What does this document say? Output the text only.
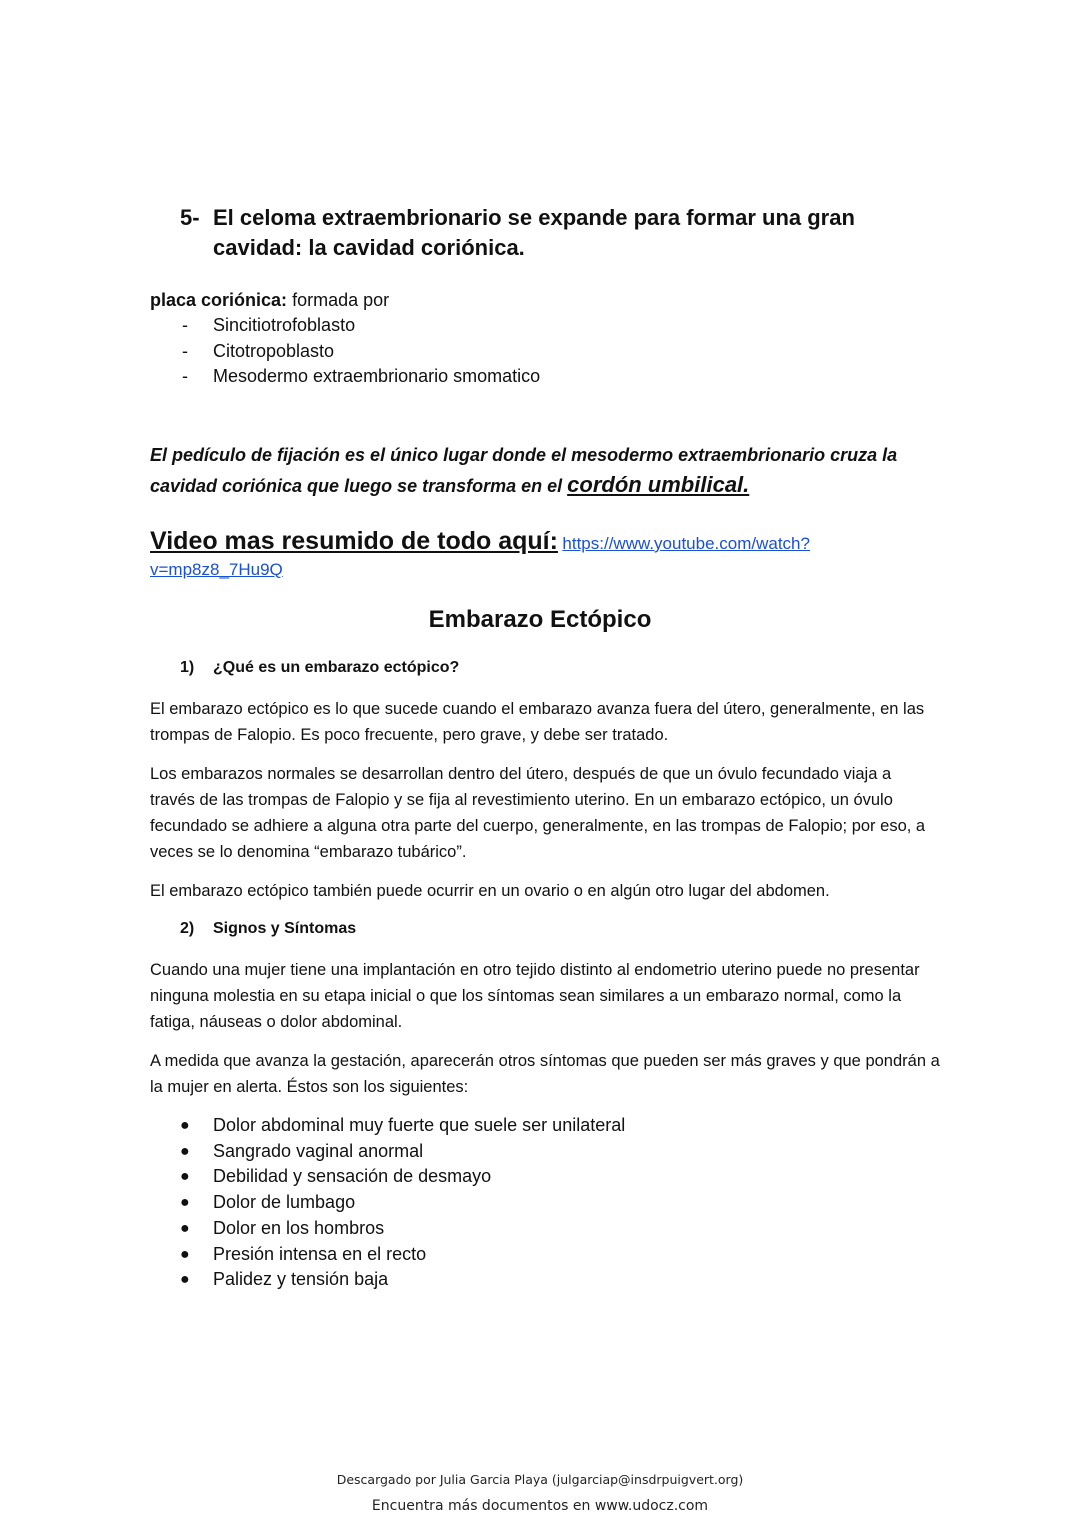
5- El celoma extraembrionario se expande para formar una gran cavidad: la cavidad coriónica.
placa coriónica: formada por
- Sincitiotrofoblasto
- Citotropoblasto
- Mesodermo extraembrionario smomatico
El pedículo de fijación es el único lugar donde el mesodermo extraembrionario cruza la cavidad coriónica que luego se transforma en el cordón umbilical.
Video mas resumido de todo aquí: https://www.youtube.com/watch?
v=mp8z8_7Hu9Q
Embarazo Ectópico
1) ¿Qué es un embarazo ectópico?
El embarazo ectópico es lo que sucede cuando el embarazo avanza fuera del útero, generalmente, en las trompas de Falopio. Es poco frecuente, pero grave, y debe ser tratado.
Los embarazos normales se desarrollan dentro del útero, después de que un óvulo fecundado viaja a través de las trompas de Falopio y se fija al revestimiento uterino. En un embarazo ectópico, un óvulo fecundado se adhiere a alguna otra parte del cuerpo, generalmente, en las trompas de Falopio; por eso, a veces se lo denomina “embarazo tubárico”.
El embarazo ectópico también puede ocurrir en un ovario o en algún otro lugar del abdomen.
2) Signos y Síntomas
Cuando una mujer tiene una implantación en otro tejido distinto al endometrio uterino puede no presentar ninguna molestia en su etapa inicial o que los síntomas sean similares a un embarazo normal, como la fatiga, náuseas o dolor abdominal.
A medida que avanza la gestación, aparecerán otros síntomas que pueden ser más graves y que pondrán a la mujer en alerta. Éstos son los siguientes:
● Dolor abdominal muy fuerte que suele ser unilateral
● Sangrado vaginal anormal
● Debilidad y sensación de desmayo
● Dolor de lumbago
● Dolor en los hombros
● Presión intensa en el recto
● Palidez y tensión baja
Descargado por Julia Garcia Playa (julgarciap@insdrpuigvert.org)
Encuentra más documentos en www.udocz.com
